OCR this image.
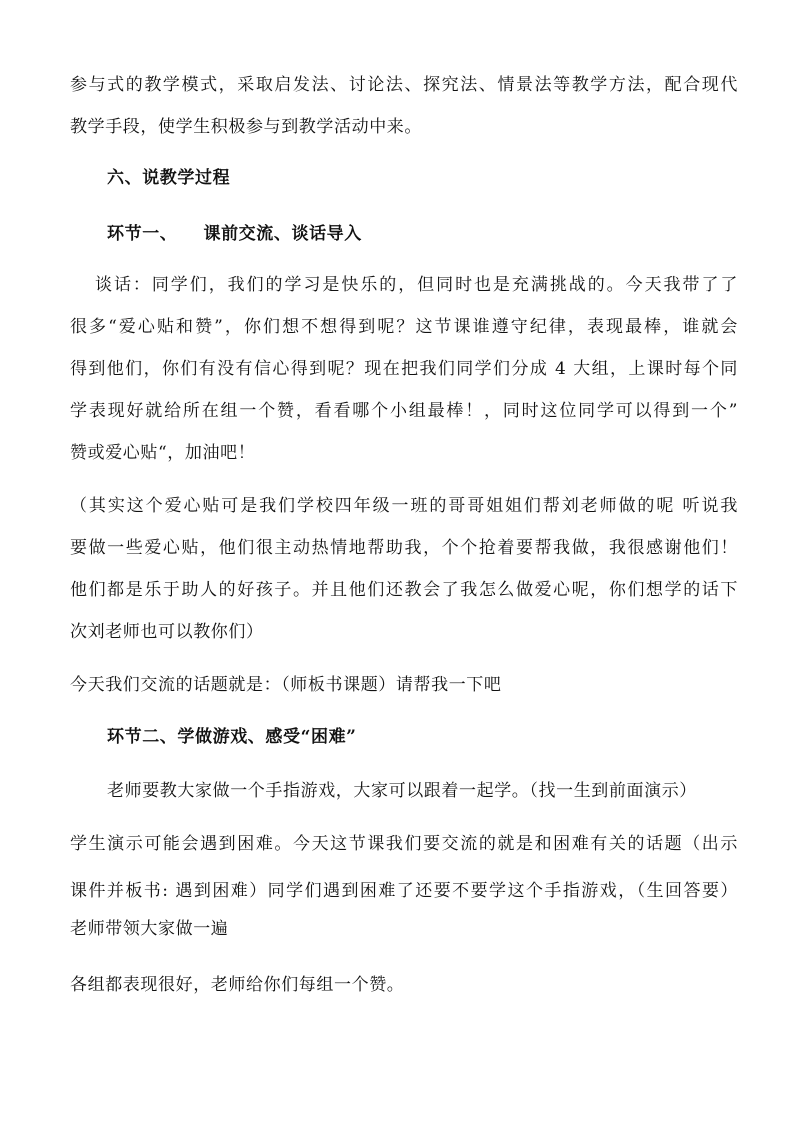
参与式的教学模式，采取启发法、讨论法、探究法、情景法等教学方法，配合现代
教学手段，使学生积极参与到教学活动中来。
六、说教学过程
环节一、    课前交流、谈话导入
谈话：同学们，我们的学习是快乐的，但同时也是充满挑战的。今天我带了了
很多“爱心贴和赞”，你们想不想得到呢？这节课谁遵守纪律，表现最棒，谁就会
得到他们，你们有没有信心得到呢？现在把我们同学们分成 4 大组，上课时每个同
学表现好就给所在组一个赞，看看哪个小组最棒！，同时这位同学可以得到一个”
赞或爱心贴“，加油吧！
（其实这个爱心贴可是我们学校四年级一班的哥哥姐姐们帮刘老师做的呢 听说我
要做一些爱心贴，他们很主动热情地帮助我，个个抢着要帮我做，我很感谢他们！
他们都是乐于助人的好孩子。并且他们还教会了我怎么做爱心呢，你们想学的话下
次刘老师也可以教你们）
今天我们交流的话题就是：（师板书课题）请帮我一下吧
环节二、学做游戏、感受“困难”
老师要教大家做一个手指游戏，大家可以跟着一起学。（找一生到前面演示）
学生演示可能会遇到困难。今天这节课我们要交流的就是和困难有关的话题（出示
课件并板书: 遇到困难）同学们遇到困难了还要不要学这个手指游戏，（生回答要）
老师带领大家做一遍
各组都表现很好，老师给你们每组一个赞。
